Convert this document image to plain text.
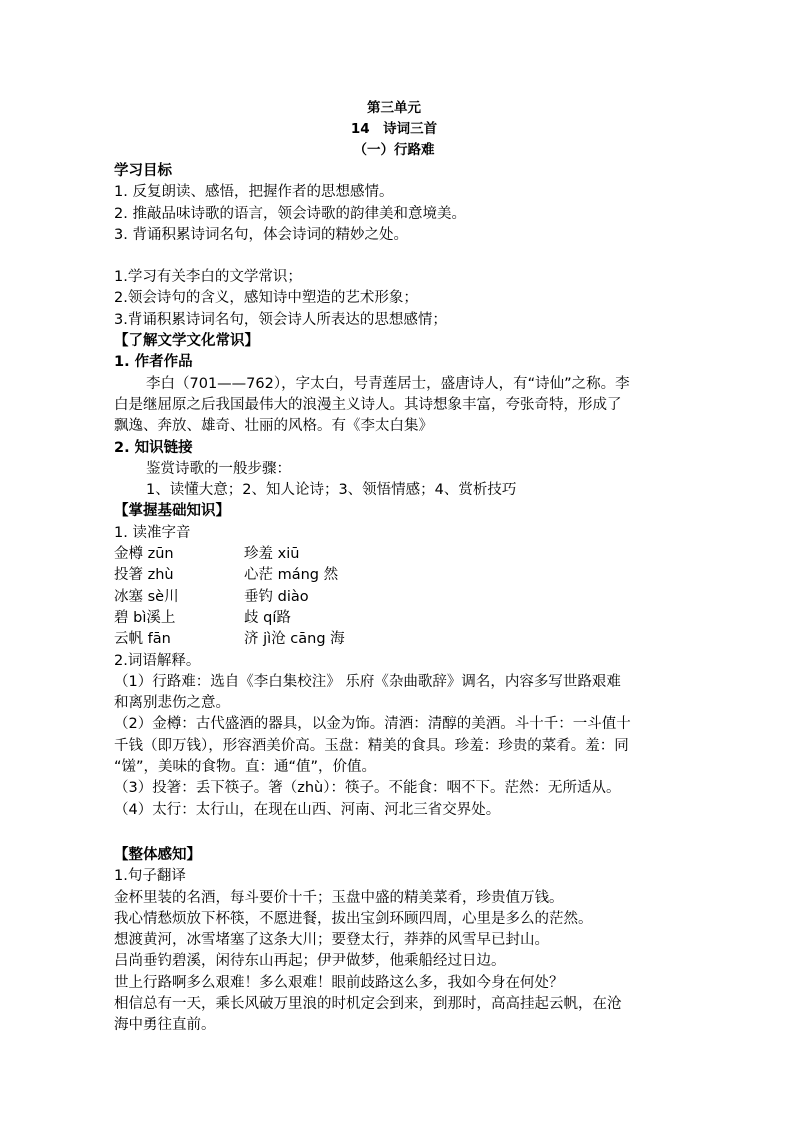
第三单元
14　诗词三首
（一）行路难
学习目标
1. 反复朗读、感悟，把握作者的思想感情。
2. 推敲品味诗歌的语言，领会诗歌的韵律美和意境美。
3. 背诵积累诗词名句，体会诗词的精妙之处。
1.学习有关李白的文学常识；
2.领会诗句的含义，感知诗中塑造的艺术形象；
3.背诵积累诗词名句，领会诗人所表达的思想感情；
【了解文学文化常识】
1. 作者作品
李白（701——762），字太白，号青莲居士，盛唐诗人，有“诗仙”之称。李
白是继屈原之后我国最伟大的浪漫主义诗人。其诗想象丰富，夸张奇特，形成了
飘逸、奔放、雄奇、壮丽的风格。有《李太白集》
2. 知识链接
鉴赏诗歌的一般步骤：
1、读懂大意；2、知人论诗；3、领悟情感；4、赏析技巧
【掌握基础知识】
1. 读准字音
金樽 zūn	珍羞 xiū
投箸 zhù	心茫 máng 然
冰塞 sè川	垂钓 diào
碧 bì溪上	歧 qí路
云帆 fān	济 jì沧 cāng 海
2.词语解释。
（1）行路难：选自《李白集校注》 乐府《杂曲歌辞》调名，内容多写世路艰难
和离别悲伤之意。
（2）金樽：古代盛酒的器具，以金为饰。清酒：清醇的美酒。斗十千：一斗值十
千钱（即万钱），形容酒美价高。玉盘：精美的食具。珍羞：珍贵的菜肴。羞：同
“馐”，美味的食物。直：通“值”，价值。
（3）投箸：丢下筷子。箸（zhù）：筷子。不能食：咽不下。茫然：无所适从。
（4）太行：太行山，在现在山西、河南、河北三省交界处。
【整体感知】
1.句子翻译
金杯里装的名酒，每斗要价十千；玉盘中盛的精美菜肴，珍贵值万钱。
我心情愁烦放下杯筷，不愿进餐，拔出宝剑环顾四周，心里是多么的茫然。
想渡黄河，冰雪堵塞了这条大川；要登太行，莽莽的风雪早已封山。
吕尚垂钓碧溪，闲待东山再起；伊尹做梦，他乘船经过日边。
世上行路啊多么艰难！多么艰难！眼前歧路这么多，我如今身在何处？
相信总有一天，乘长风破万里浪的时机定会到来，到那时，高高挂起云帆，在沧
海中勇往直前。
